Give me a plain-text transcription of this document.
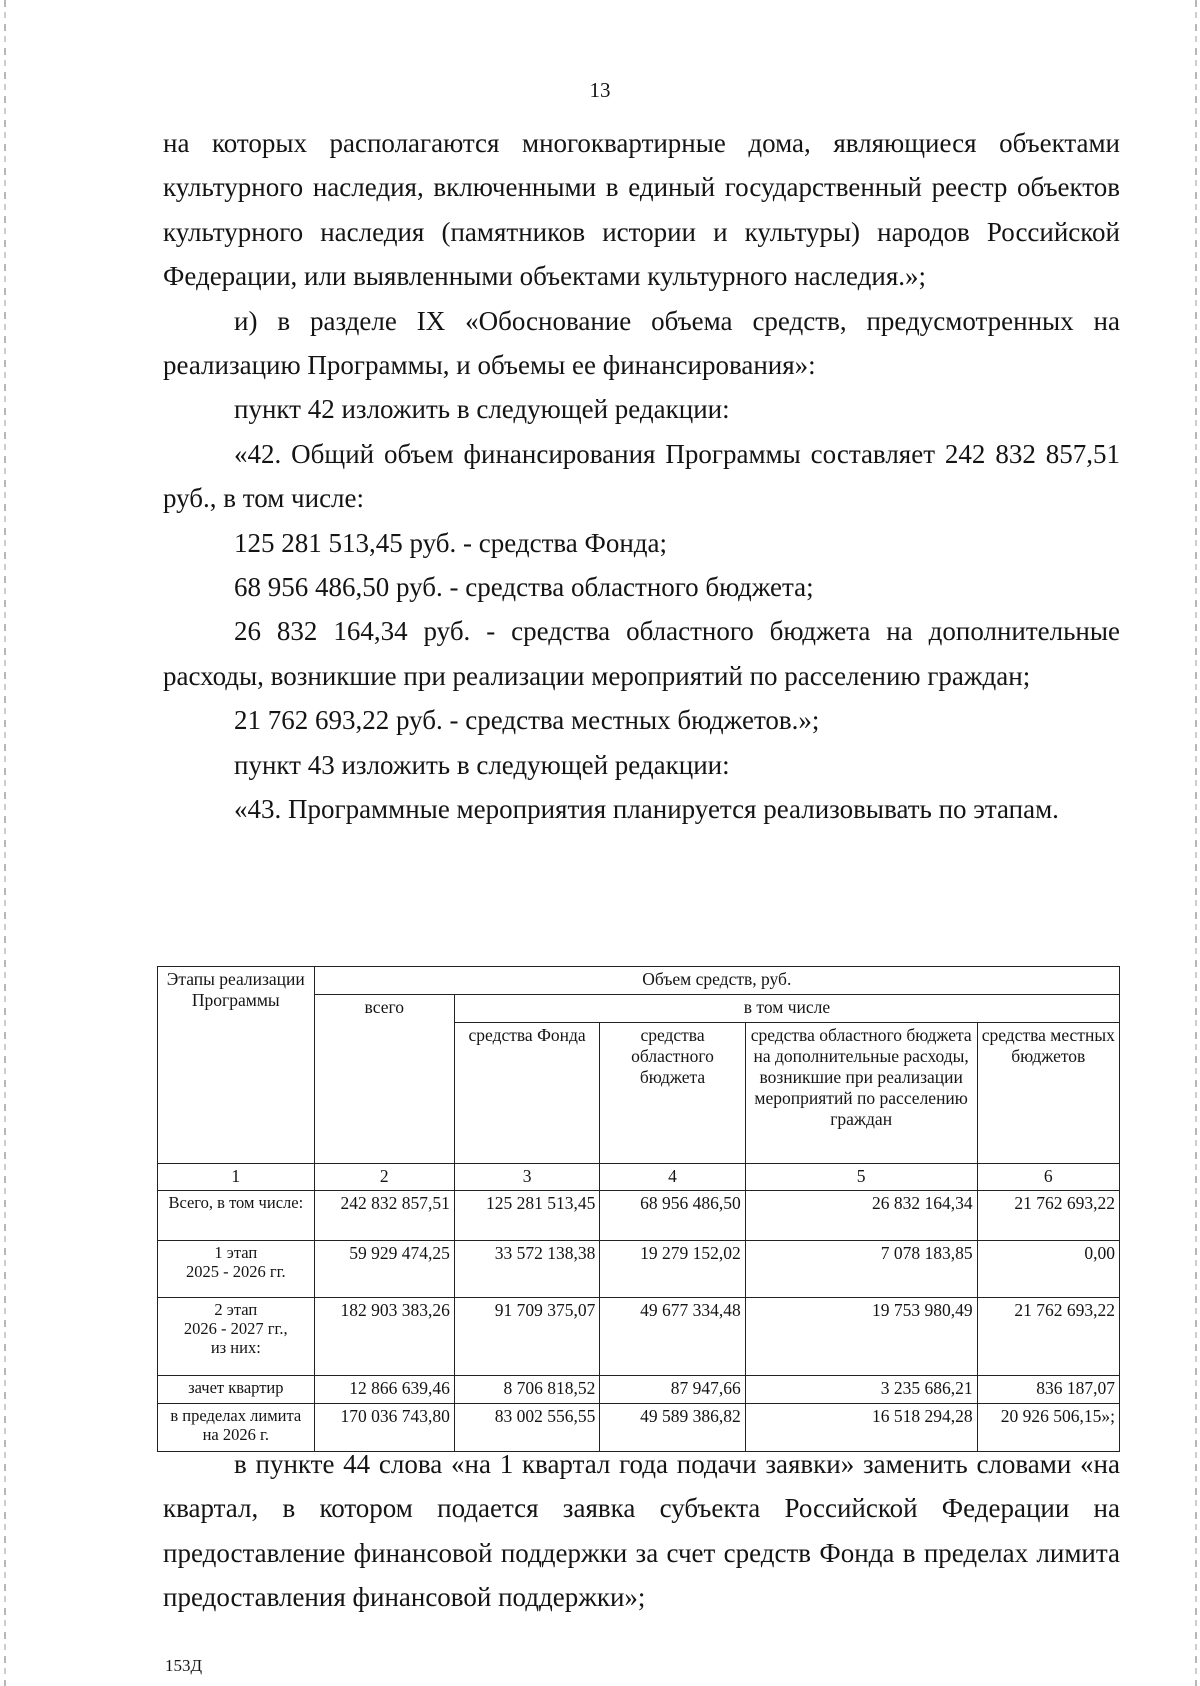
13

на которых располагаются многоквартирные дома, являющиеся объектами культурного наследия, включенными в единый государственный реестр объектов культурного наследия (памятников истории и культуры) народов Российской Федерации, или выявленными объектами культурного наследия.»;

и) в разделе IX «Обоснование объема средств, предусмотренных на реализацию Программы, и объемы ее финансирования»:

пункт 42 изложить в следующей редакции:

«42. Общий объем финансирования Программы составляет 242 832 857,51 руб., в том числе:

125 281 513,45 руб. - средства Фонда;

68 956 486,50 руб. - средства областного бюджета;

26 832 164,34 руб. - средства областного бюджета на дополнительные расходы, возникшие при реализации мероприятий по расселению граждан;

21 762 693,22 руб. - средства местных бюджетов.»;

пункт 43 изложить в следующей редакции:

«43. Программные мероприятия планируется реализовывать по этапам.

Этапы реализации Программы	Объем средств, руб.				
	всего	в том числе			
		средства Фонда	средства областного бюджета	средства областного бюджета на дополнительные расходы, возникшие при реализации мероприятий по расселению граждан	средства местных бюджетов
1	2	3	4	5	6

Всего, в том числе:	242 832 857,51	125 281 513,45	68 956 486,50	26 832 164,34	21 762 693,22

1 этап
2025 - 2026 гг.	59 929 474,25	33 572 138,38	19 279 152,02	7 078 183,85	0,00

2 этап
2026 - 2027 гг.,
из них:	182 903 383,26	91 709 375,07	49 677 334,48	19 753 980,49	21 762 693,22

зачет квартир	12 866 639,46	8 706 818,52	87 947,66	3 235 686,21	836 187,07

в пределах лимита на 2026 г.	170 036 743,80	83 002 556,55	49 589 386,82	16 518 294,28	20 926 506,15»;

в пункте 44 слова «на 1 квартал года подачи заявки» заменить словами «на квартал, в котором подается заявка субъекта Российской Федерации на предоставление финансовой поддержки за счет средств Фонда в пределах лимита предоставления финансовой поддержки»;

153Д
